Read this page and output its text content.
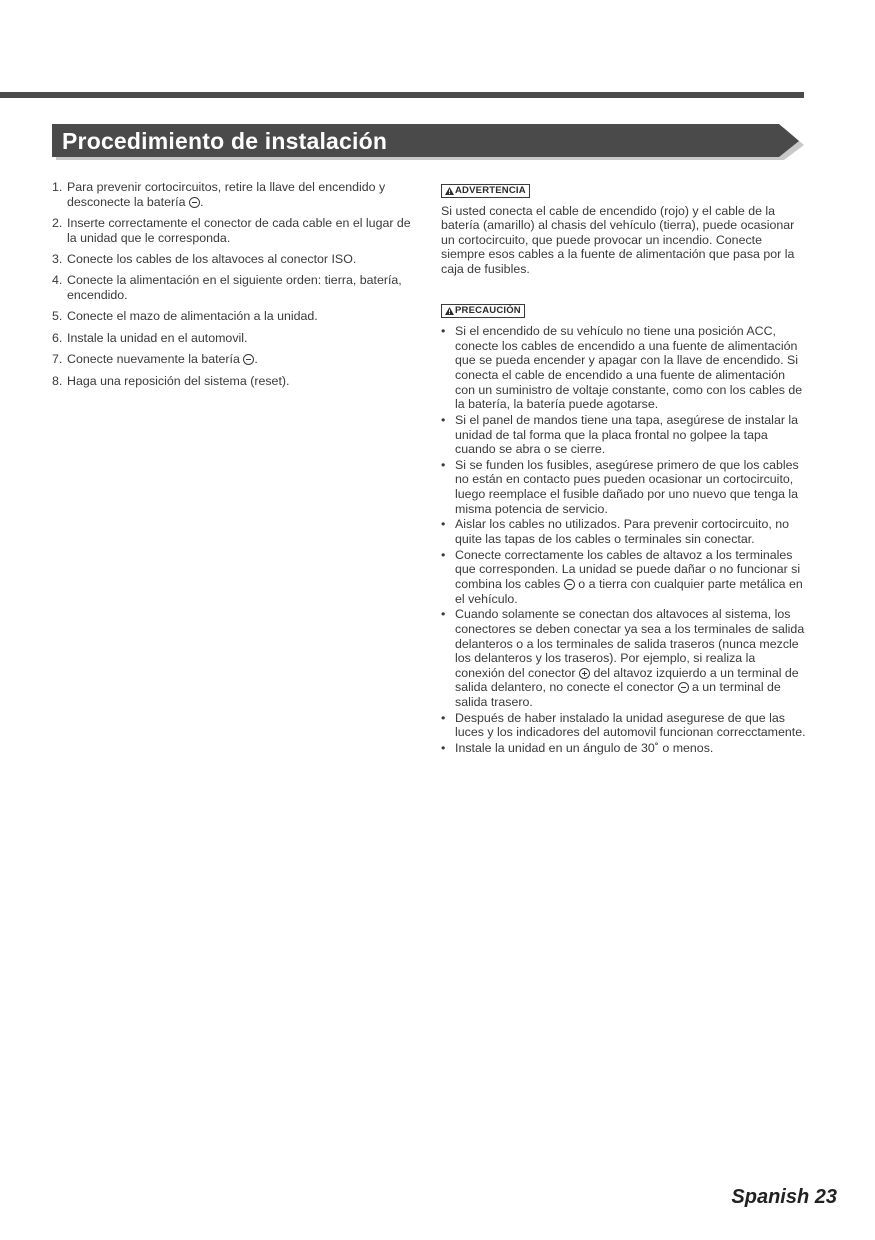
Procedimiento de instalación
1. Para prevenir cortocircuitos, retire la llave del encendido y desconecte la batería .
2. Inserte correctamente el conector de cada cable en el lugar de la unidad que le corresponda.
3. Conecte los cables de los altavoces al conector ISO.
4. Conecte la alimentación en el siguiente orden: tierra, batería, encendido.
5. Conecte el mazo de alimentación a la unidad.
6. Instale la unidad en el automovil.
7. Conecte nuevamente la batería .
8. Haga una reposición del sistema (reset).
ADVERTENCIA
Si usted conecta el cable de encendido (rojo) y el cable de la batería (amarillo) al chasis del vehículo (tierra), puede ocasionar un cortocircuito, que puede provocar un incendio. Conecte siempre esos cables a la fuente de alimentación que pasa por la caja de fusibles.
PRECAUCIÓN
• Si el encendido de su vehículo no tiene una posición ACC, conecte los cables de encendido a una fuente de alimentación que se pueda encender y apagar con la llave de encendido. Si conecta el cable de encendido a una fuente de alimentación con un suministro de voltaje constante, como con los cables de la batería, la batería puede agotarse.
• Si el panel de mandos tiene una tapa, asegúrese de instalar la unidad de tal forma que la placa frontal no golpee la tapa cuando se abra o se cierre.
• Si se funden los fusibles, asegúrese primero de que los cables no están en contacto pues pueden ocasionar un cortocircuito, luego reemplace el fusible dañado por uno nuevo que tenga la misma potencia de servicio.
• Aislar los cables no utilizados. Para prevenir cortocircuito, no quite las tapas de los cables o terminales sin conectar.
• Conecte correctamente los cables de altavoz a los terminales que corresponden. La unidad se puede dañar o no funcionar si combina los cables  o a tierra con cualquier parte metálica en el vehículo.
• Cuando solamente se conectan dos altavoces al sistema, los conectores se deben conectar ya sea a los terminales de salida delanteros o a los terminales de salida traseros (nunca mezcle los delanteros y los traseros). Por ejemplo, si realiza la conexión del conector  del altavoz izquierdo a un terminal de salida delantero, no conecte el conector  a un terminal de salida trasero.
• Después de haber instalado la unidad asegurese de que las luces y los indicadores del automovil funcionan correcctamente.
• Instale la unidad en un ángulo de 30˚ o menos.
Spanish 23
